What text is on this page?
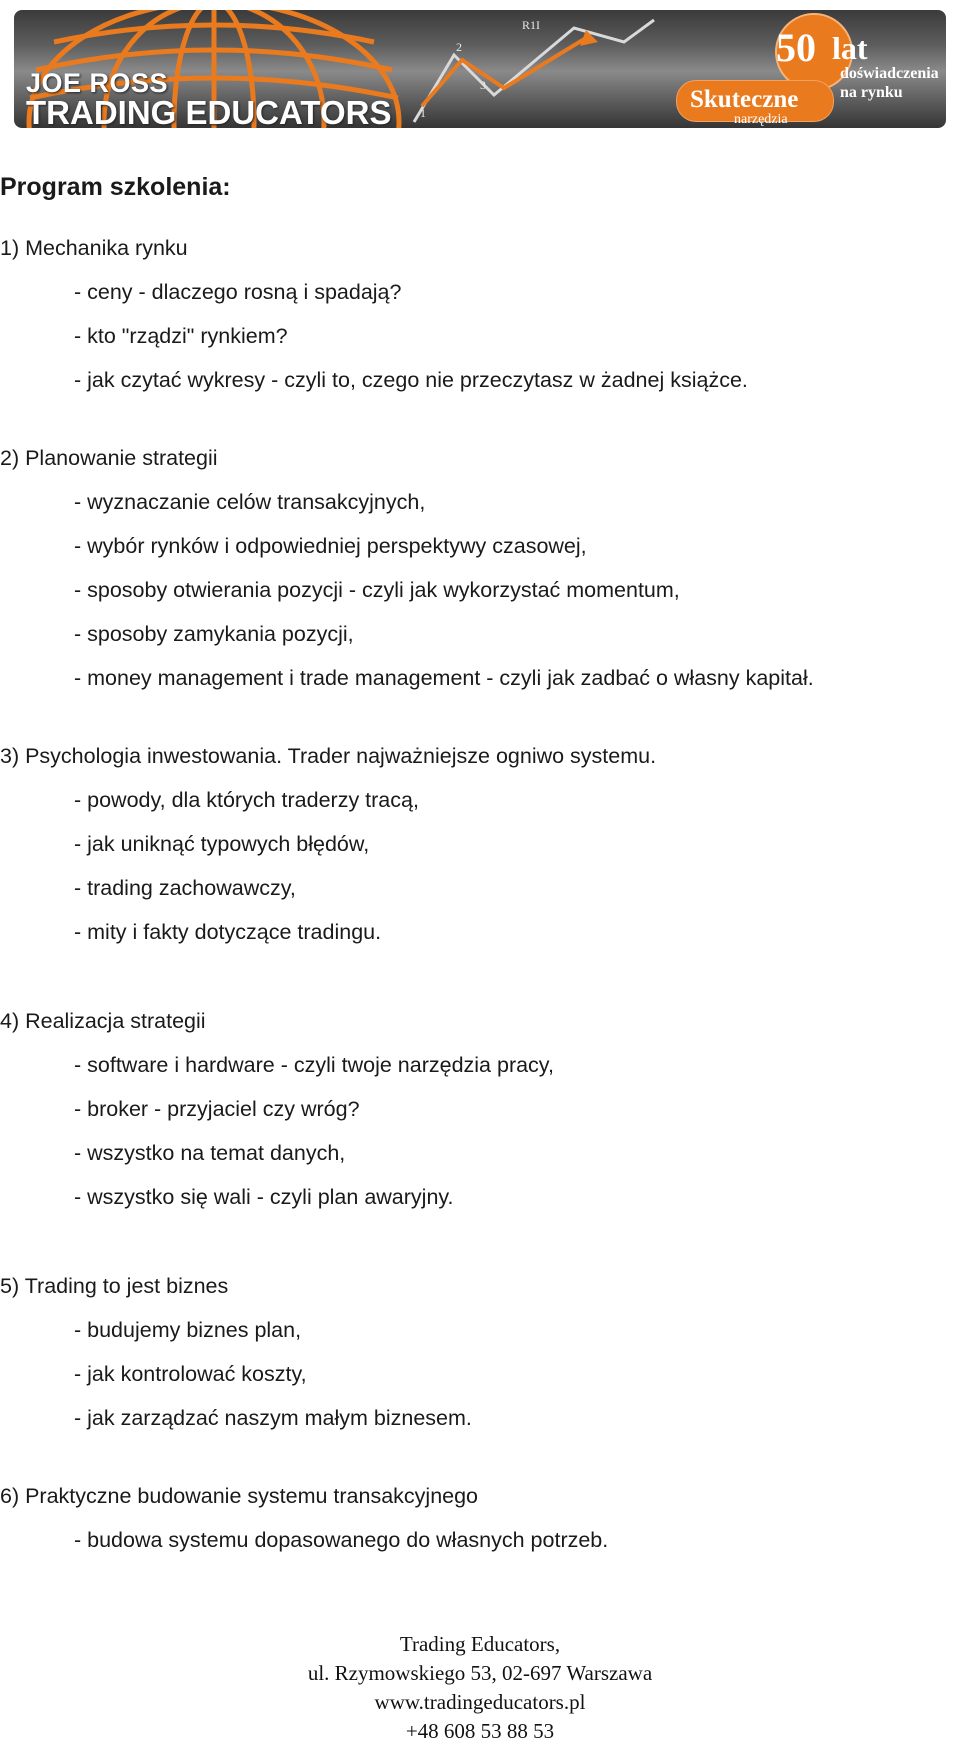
JOE ROSS
TRADING EDUCATORS
2
3
1
R1I	50 lat
doświadczenia
na rynku
Skuteczne
narzędzia
Program szkolenia:

1) Mechanika rynku

- ceny - dlaczego rosną i spadają?

- kto "rządzi" rynkiem?

- jak czytać wykresy - czyli to, czego nie przeczytasz w żadnej książce.

2) Planowanie strategii

- wyznaczanie celów transakcyjnych,

- wybór rynków i odpowiedniej perspektywy czasowej,

- sposoby otwierania pozycji - czyli jak wykorzystać momentum,

- sposoby zamykania pozycji,

- money management i trade management - czyli jak zadbać o własny kapitał.

3) Psychologia inwestowania. Trader najważniejsze ogniwo systemu.

- powody, dla których traderzy tracą,

- jak uniknąć typowych błędów,

- trading zachowawczy,

- mity i fakty dotyczące tradingu.

4) Realizacja strategii

- software i hardware - czyli twoje narzędzia pracy,

- broker - przyjaciel czy wróg?

- wszystko na temat danych,

- wszystko się wali - czyli plan awaryjny.

5) Trading to jest biznes

- budujemy biznes plan,

- jak kontrolować koszty,

- jak zarządzać naszym małym biznesem.

6) Praktyczne budowanie systemu transakcyjnego

- budowa systemu dopasowanego do własnych potrzeb.

Trading Educators,
ul. Rzymowskiego 53, 02-697 Warszawa
www.tradingeducators.pl
+48 608 53 88 53
